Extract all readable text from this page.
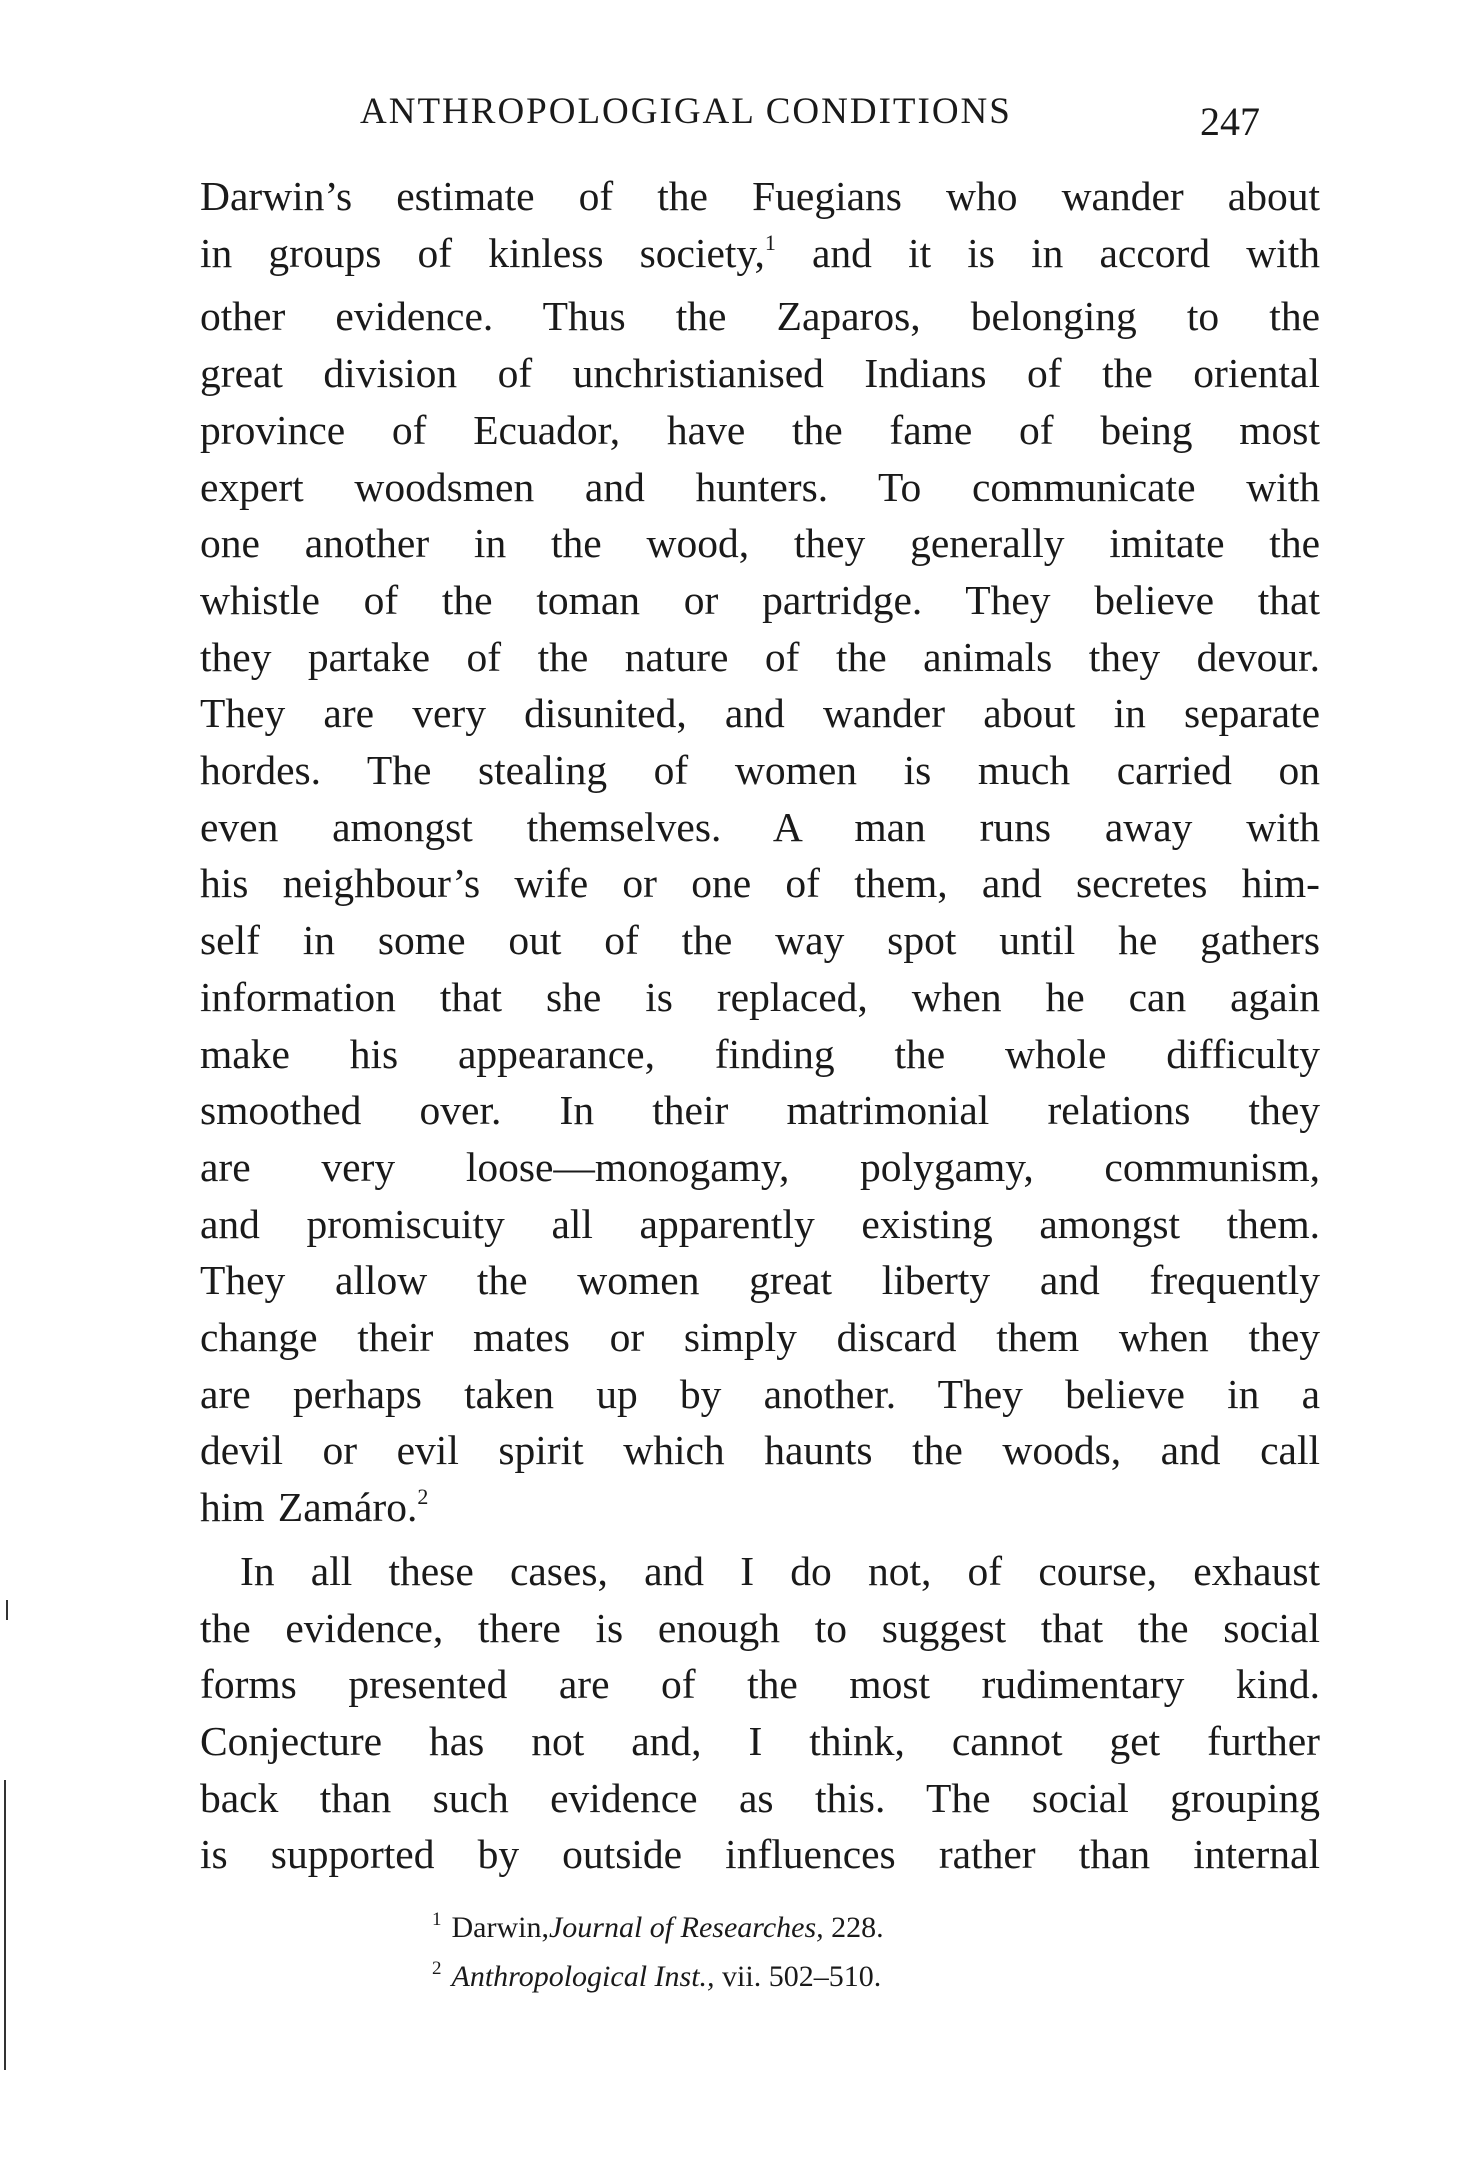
ANTHROPOLOGIGAL CONDITIONS	247
Darwin’s estimate of the Fuegians who wander about
in groups of kinless society,$^1$ and it is in accord with
other evidence. Thus the Zaparos, belonging to the
great division of unchristianised Indians of the oriental
province of Ecuador, have the fame of being most
expert woodsmen and hunters. To communicate with
one another in the wood, they generally imitate the
whistle of the toman or partridge. They believe that
they partake of the nature of the animals they devour.
They are very disunited, and wander about in separate
hordes. The stealing of women is much carried on
even amongst themselves. A man runs away with
his neighbour’s wife or one of them, and secretes him-
self in some out of the way spot until he gathers
information that she is replaced, when he can again
make his appearance, finding the whole difficulty
smoothed over. In their matrimonial relations they
are very loose—monogamy, polygamy, communism,
and promiscuity all apparently existing amongst them.
They allow the women great liberty and frequently
change their mates or simply discard them when they
are perhaps taken up by another. They believe in a
devil or evil spirit which haunts the woods, and call
him Zamáro.$^2$
In all these cases, and I do not, of course, exhaust
the evidence, there is enough to suggest that the social
forms presented are of the most rudimentary kind.
Conjecture has not and, I think, cannot get further
back than such evidence as this. The social grouping
is supported by outside influences rather than internal
$^1$ Darwin,Journal of Researches, 228.
$^2$ Anthropological Inst., vii. 502–510.
